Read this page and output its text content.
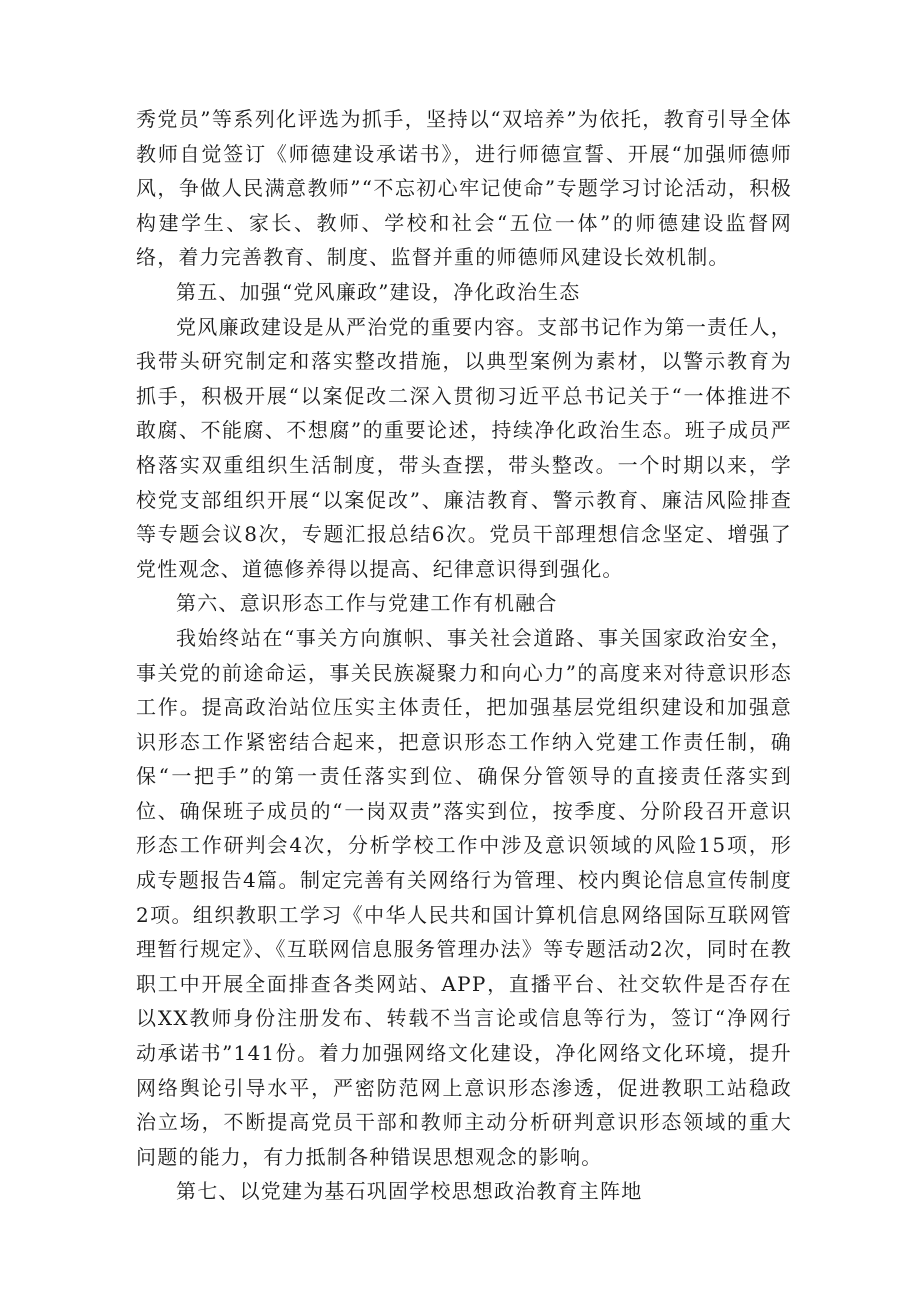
秀党员”等系列化评选为抓手，坚持以“双培养”为依托，教育引导全体教师自觉签订《师德建设承诺书》，进行师德宣誓、开展“加强师德师风，争做人民满意教师”“不忘初心牢记使命”专题学习讨论活动，积极构建学生、家长、教师、学校和社会“五位一体”的师德建设监督网络，着力完善教育、制度、监督并重的师德师风建设长效机制。

第五、加强“党风廉政”建设，净化政治生态

党风廉政建设是从严治党的重要内容。支部书记作为第一责任人，我带头研究制定和落实整改措施，以典型案例为素材，以警示教育为抓手，积极开展“以案促改二深入贯彻习近平总书记关于“一体推进不敢腐、不能腐、不想腐”的重要论述，持续净化政治生态。班子成员严格落实双重组织生活制度，带头查摆，带头整改。一个时期以来，学校党支部组织开展“以案促改”、廉洁教育、警示教育、廉洁风险排查等专题会议8次，专题汇报总结6次。党员干部理想信念坚定、增强了党性观念、道德修养得以提高、纪律意识得到强化。

第六、意识形态工作与党建工作有机融合

我始终站在“事关方向旗帜、事关社会道路、事关国家政治安全，事关党的前途命运，事关民族凝聚力和向心力”的高度来对待意识形态工作。提高政治站位压实主体责任，把加强基层党组织建设和加强意识形态工作紧密结合起来，把意识形态工作纳入党建工作责任制，确保“一把手”的第一责任落实到位、确保分管领导的直接责任落实到位、确保班子成员的“一岗双责”落实到位，按季度、分阶段召开意识形态工作研判会4次，分析学校工作中涉及意识领域的风险15项，形成专题报告4篇。制定完善有关网络行为管理、校内舆论信息宣传制度2项。组织教职工学习《中华人民共和国计算机信息网络国际互联网管理暂行规定》、《互联网信息服务管理办法》等专题活动2次，同时在教职工中开展全面排查各类网站、APP，直播平台、社交软件是否存在以XX教师身份注册发布、转载不当言论或信息等行为，签订“净网行动承诺书”141份。着力加强网络文化建设，净化网络文化环境，提升网络舆论引导水平，严密防范网上意识形态渗透，促进教职工站稳政治立场，不断提高党员干部和教师主动分析研判意识形态领域的重大问题的能力，有力抵制各种错误思想观念的影响。

第七、以党建为基石巩固学校思想政治教育主阵地
